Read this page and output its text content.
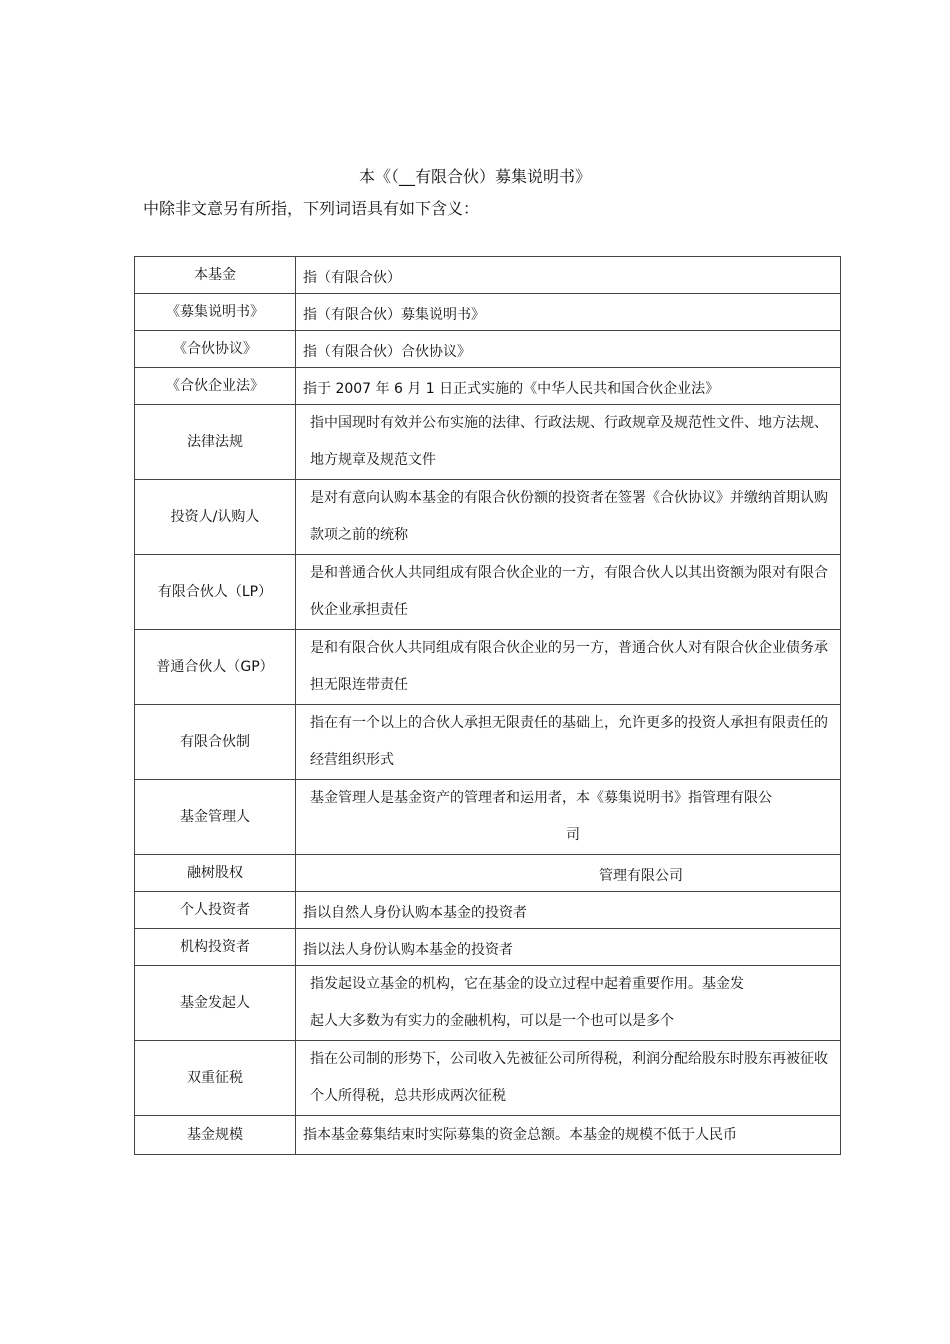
本《（__有限合伙）募集说明书》
中除非文意另有所指，下列词语具有如下含义：
本基金	指（有限合伙）
《募集说明书》	指（有限合伙）募集说明书》
《合伙协议》	指（有限合伙）合伙协议》
《合伙企业法》	指于 2007 年 6 月 1 日正式实施的《中华人民共和国合伙企业法》
法律法规	指中国现时有效并公布实施的法律、行政法规、行政规章及规范性文件、地方法规、地方规章及规范文件
投资人/认购人	是对有意向认购本基金的有限合伙份额的投资者在签署《合伙协议》并缴纳首期认购款项之前的统称
有限合伙人（LP）	是和普通合伙人共同组成有限合伙企业的一方，有限合伙人以其出资额为限对有限合伙企业承担责任
普通合伙人（GP）	是和有限合伙人共同组成有限合伙企业的另一方，普通合伙人对有限合伙企业债务承担无限连带责任
有限合伙制	指在有一个以上的合伙人承担无限责任的基础上，允许更多的投资人承担有限责任的经营组织形式
基金管理人	基金管理人是基金资产的管理者和运用者，本《募集说明书》指管理有限公
司

融树股权	管理有限公司
个人投资者	指以自然人身份认购本基金的投资者
机构投资者	指以法人身份认购本基金的投资者
基金发起人	指发起设立基金的机构，它在基金的设立过程中起着重要作用。基金发
起人大多数为有实力的金融机构，可以是一个也可以是多个

双重征税	指在公司制的形势下，公司收入先被征公司所得税，利润分配给股东时股东再被征收个人所得税，总共形成两次征税
基金规模	指本基金募集结束时实际募集的资金总额。本基金的规模不低于人民币
